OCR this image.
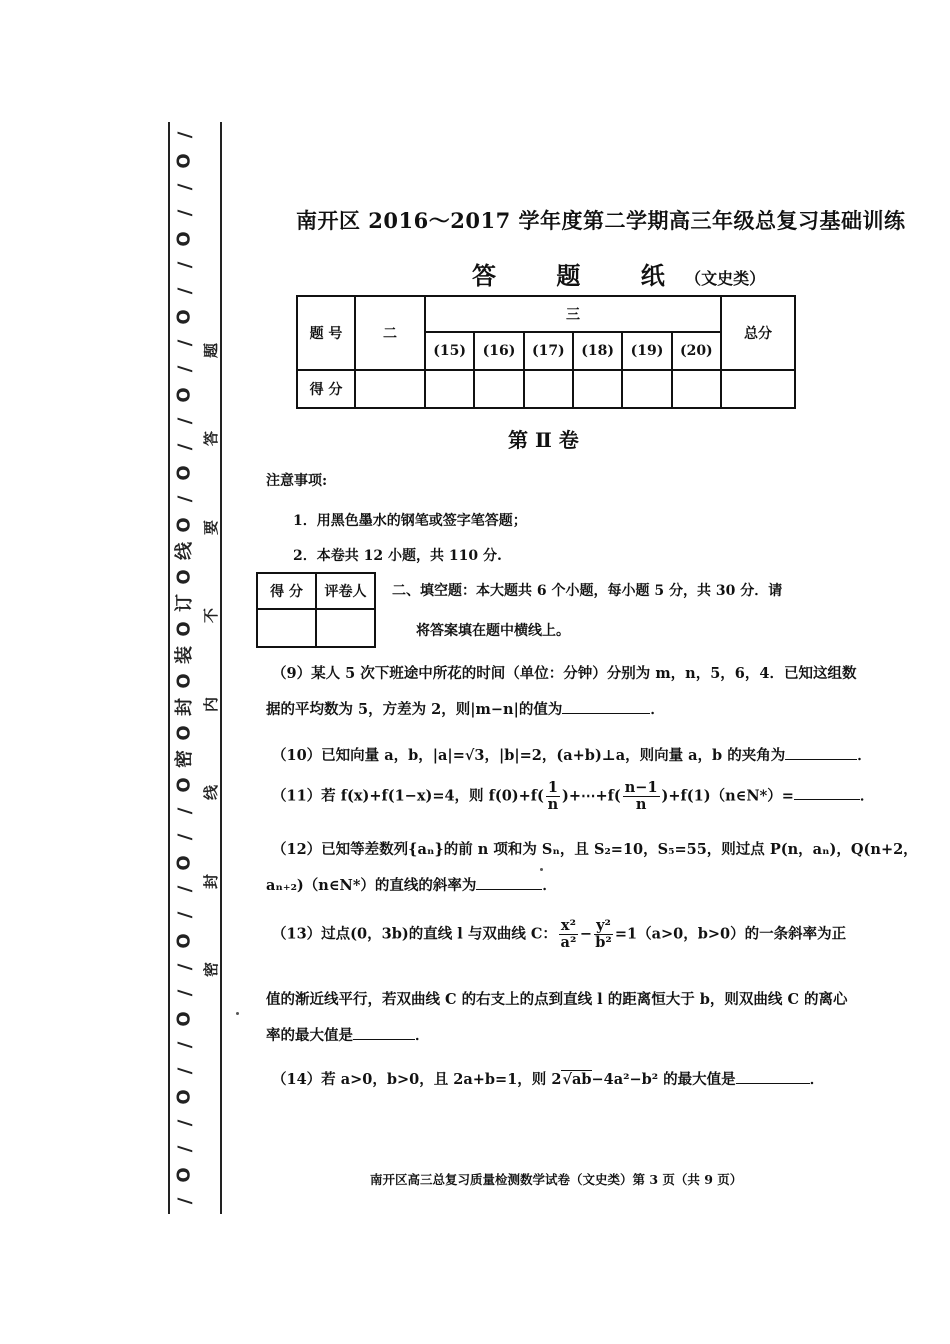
/
O
/
/
O
/
/
O
/
/
O
/
/
O
/
O
线
O
订
O
装
O
封
O
密
O
/
/
O
/
/
O
/
/
O
/
/
O
/
/
O
/
题
答
要
不
内
线
封
密
南开区 2016～2017 学年度第二学期高三年级总复习基础训练
答 题 纸 （文史类）
题 号	二	三						总分
		(15)	(16)	(17)	(18)	(19)	(20)	
得 分								
第 Ⅱ 卷
注意事项:
1．用黑色墨水的钢笔或签字笔答题；
2．本卷共 12 小题，共 110 分.
得 分	评卷人
	二、填空题：本大题共 6 个小题，每小题 5 分，共 30 分．请
将答案填在题中横线上。
（9）某人 5 次下班途中所花的时间（单位：分钟）分别为 m，n，5，6，4．已知这组数
据的平均数为 5，方差为 2，则|m−n|的值为	．
（10）已知向量 a，b，|a|=√3，|b|=2，(a+b)⊥a，则向量 a，b 的夹角为	．
（11）若 f(x)+f(1−x)=4，则 $f(0)+f( \frac{1}{n}$ )+⋯+f( $\frac{n-1}{n}$ )+f(1)（n∈N*）=	．
（12）已知等差数列{aₙ}的前 n 项和为 Sₙ，且 S₂=10，S₅=55，则过点 P(n，aₙ)，Q(n+2，
aₙ₊₂)（n∈N*）的直线的斜率为	．
（13）过点(0，3b)的直线 l 与双曲线 C： $\frac{\text{x²}}{\text{a²}} - \frac{\text{y²}}{\text{b²}} =1(a>0$，b>0）的一条斜率为正
值的渐近线平行，若双曲线 C 的右支上的点到直线 l 的距离恒大于 b，则双曲线 C 的离心
率的最大值是	．
（14）若 a>0，b>0，且 2a+b=1，则 2√ab−4a²−b² 的最大值是	．
南开区高三总复习质量检测数学试卷（文史类）第 3 页（共 9 页）
